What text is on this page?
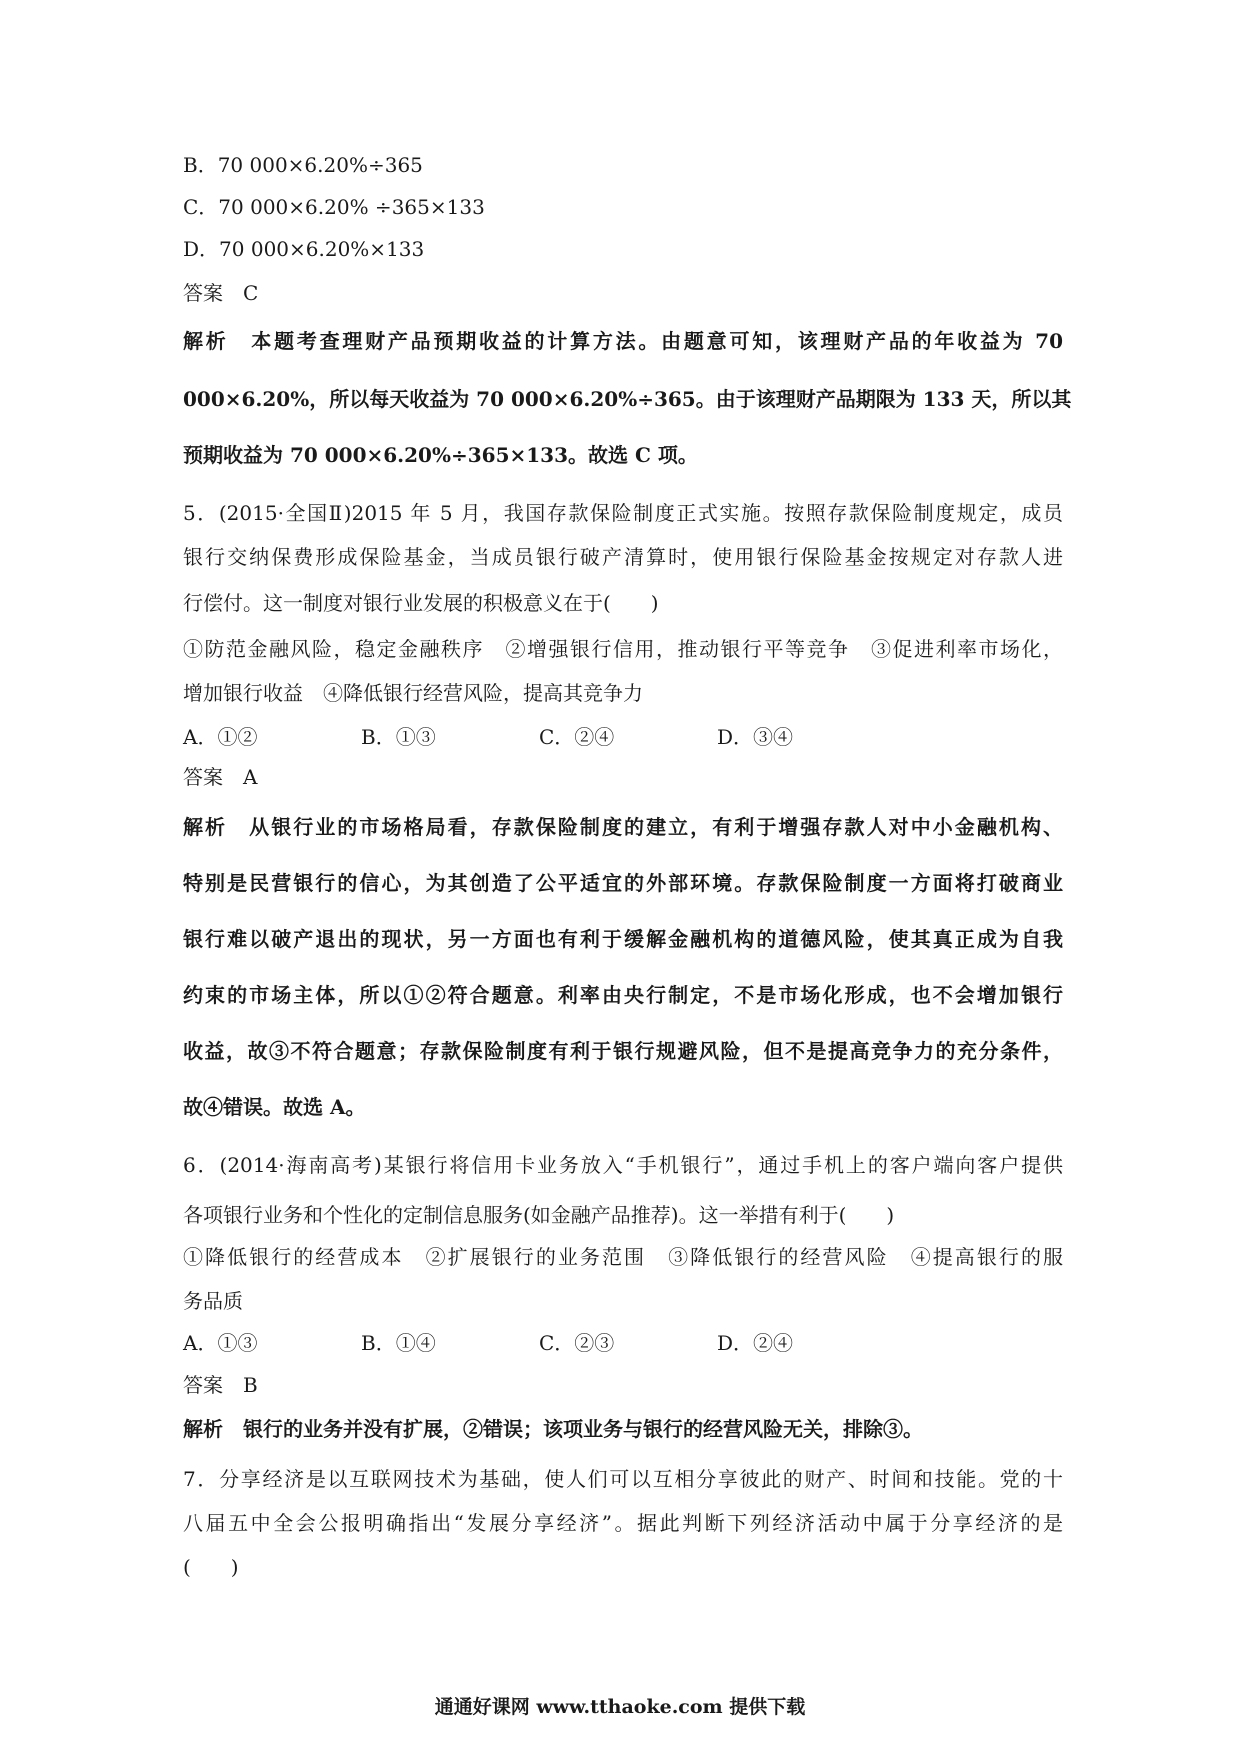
B．70 000×6.20%÷365
C．70 000×6.20% ÷365×133
D．70 000×6.20%×133
答案　C
解析　本题考查理财产品预期收益的计算方法。由题意可知，该理财产品的年收益为 70
000×6.20%，所以每天收益为 70 000×6.20%÷365。由于该理财产品期限为 133 天，所以其
预期收益为 70 000×6.20%÷365×133。故选 C 项。
5．(2015·全国Ⅱ)2015 年 5 月，我国存款保险制度正式实施。按照存款保险制度规定，成员
银行交纳保费形成保险基金，当成员银行破产清算时，使用银行保险基金按规定对存款人进
行偿付。这一制度对银行业发展的积极意义在于(　　)
①防范金融风险，稳定金融秩序　②增强银行信用，推动银行平等竞争　③促进利率市场化，
增加银行收益　④降低银行经营风险，提高其竞争力
A．①②	B．①③	C．②④	D．③④
答案　A
解析　从银行业的市场格局看，存款保险制度的建立，有利于增强存款人对中小金融机构、
特别是民营银行的信心，为其创造了公平适宜的外部环境。存款保险制度一方面将打破商业
银行难以破产退出的现状，另一方面也有利于缓解金融机构的道德风险，使其真正成为自我
约束的市场主体，所以①②符合题意。利率由央行制定，不是市场化形成，也不会增加银行
收益，故③不符合题意；存款保险制度有利于银行规避风险，但不是提高竞争力的充分条件，
故④错误。故选 A。
6．(2014·海南高考)某银行将信用卡业务放入“手机银行”，通过手机上的客户端向客户提供
各项银行业务和个性化的定制信息服务(如金融产品推荐)。这一举措有利于(　　)
①降低银行的经营成本　②扩展银行的业务范围　③降低银行的经营风险　④提高银行的服
务品质
A．①③	B．①④	C．②③	D．②④
答案　B
解析　银行的业务并没有扩展，②错误；该项业务与银行的经营风险无关，排除③。
7．分享经济是以互联网技术为基础，使人们可以互相分享彼此的财产、时间和技能。党的十
八届五中全会公报明确指出“发展分享经济”。据此判断下列经济活动中属于分享经济的是
(　　)
通通好课网 www.tthaoke.com 提供下载
